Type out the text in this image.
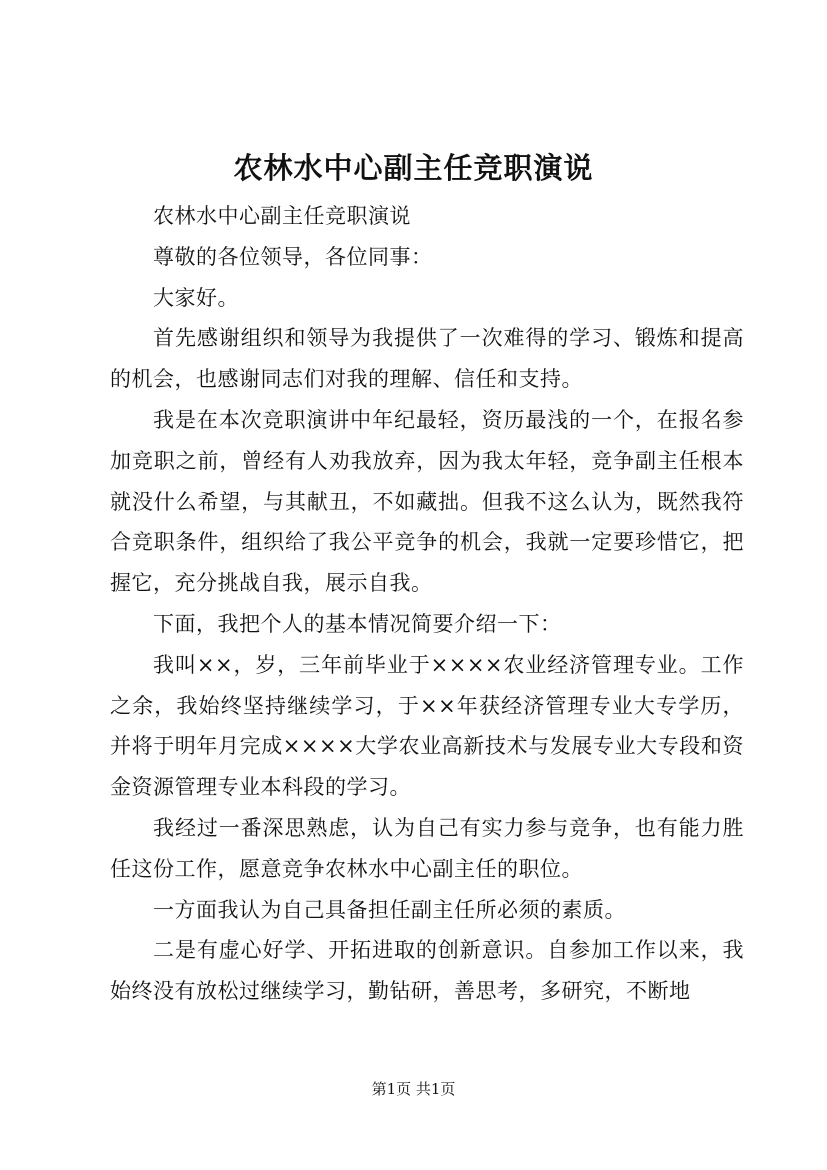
农林水中心副主任竞职演说

农林水中心副主任竞职演说

尊敬的各位领导，各位同事：

大家好。

首先感谢组织和领导为我提供了一次难得的学习、锻炼和提高的机会，也感谢同志们对我的理解、信任和支持。

我是在本次竞职演讲中年纪最轻，资历最浅的一个，在报名参加竞职之前，曾经有人劝我放弃，因为我太年轻，竞争副主任根本就没什么希望，与其献丑，不如藏拙。但我不这么认为，既然我符合竞职条件，组织给了我公平竞争的机会，我就一定要珍惜它，把握它，充分挑战自我，展示自我。

下面，我把个人的基本情况简要介绍一下：

我叫××，岁，三年前毕业于××××农业经济管理专业。工作之余，我始终坚持继续学习，于××年获经济管理专业大专学历，并将于明年月完成××××大学农业高新技术与发展专业大专段和资金资源管理专业本科段的学习。

我经过一番深思熟虑，认为自己有实力参与竞争，也有能力胜任这份工作，愿意竞争农林水中心副主任的职位。

一方面我认为自己具备担任副主任所必须的素质。

二是有虚心好学、开拓进取的创新意识。自参加工作以来，我始终没有放松过继续学习，勤钻研，善思考，多研究，不断地

第1页 共1页
